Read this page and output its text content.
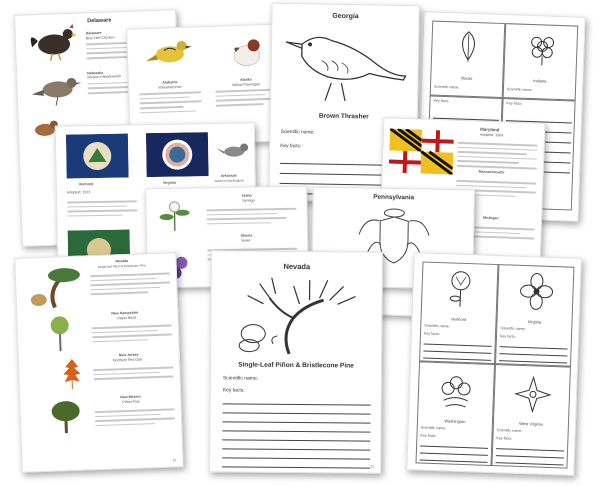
Delaware
Delaware
Blue Hen Chicken
Nebraska
Western Meadowlark
Alabama
Yellowhammer
Alaska
Willow Ptarmigan
Illinois	Indiana
Scientific name:
Scientific name:
Key facts:
Key facts:
Georgia
Brown Thrasher
Scientific name:
Key facts:
Vermont	Virginia
Arkansas
Northern Mockingbird
Adopted: 1923
Maryland
Adopted: 1904
Massachusetts
Michigan
Idaho
Syringa
Illinois
Violet
Pennsylvania
Nevada
Single-leaf Piñon & Bristlecone Pine
New Hampshire
Paper Birch
New Jersey
Northern Red Oak
New Mexico
Piñon Pine
22
Nevada
Single-Leaf Piñon & Bristlecone Pine
Scientific name:
Key facts:
32
Vermont	Virginia
Washington	West Virginia
Scientific name:
Scientific name:
Key facts:
Key facts:
Scientific name:
Scientific name:
Key facts:
Key facts:
